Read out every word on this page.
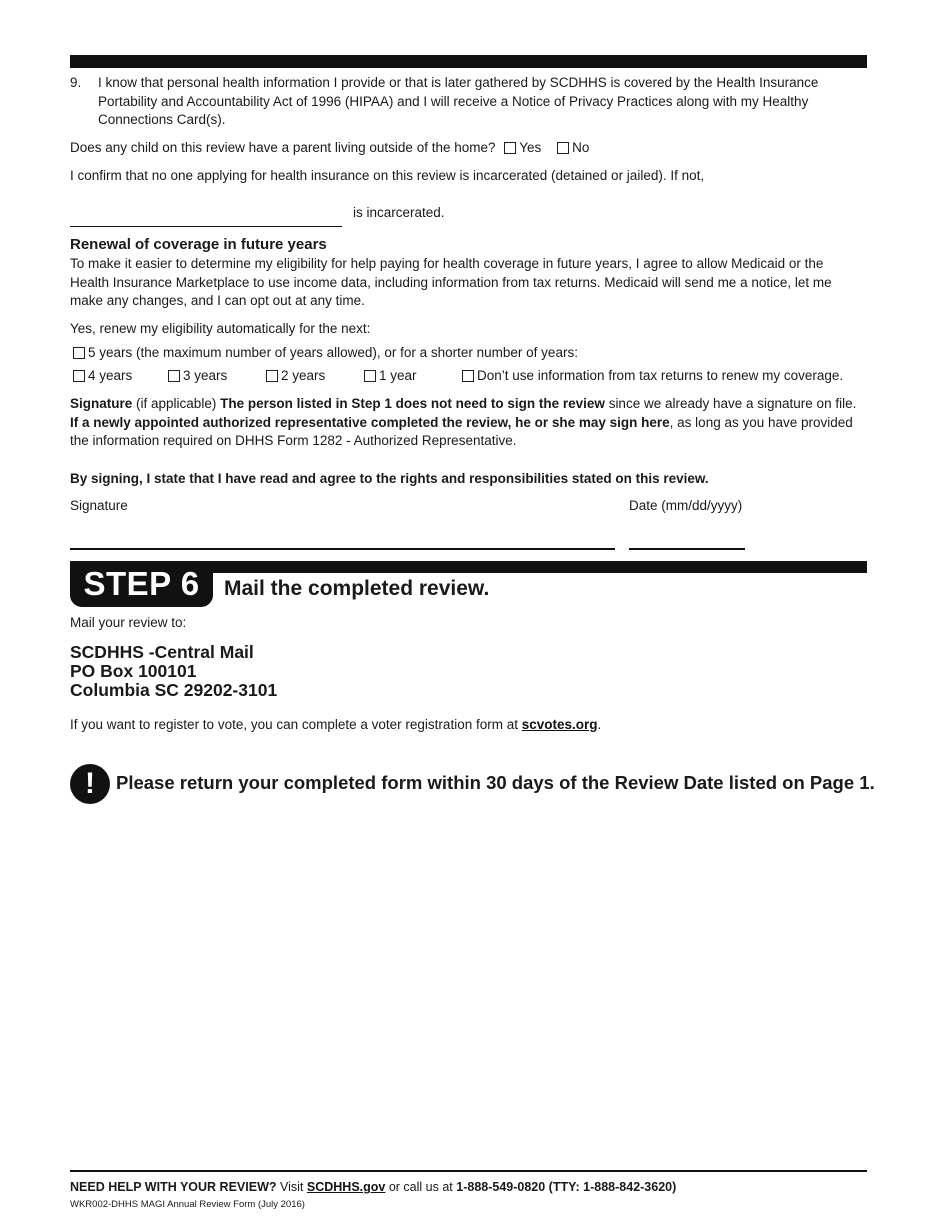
9. I know that personal health information I provide or that is later gathered by SCDHHS is covered by the Health Insurance Portability and Accountability Act of 1996 (HIPAA) and I will receive a Notice of Privacy Practices along with my Healthy Connections Card(s).
Does any child on this review have a parent living outside of the home? Yes No
I confirm that no one applying for health insurance on this review is incarcerated (detained or jailed). If not,
is incarcerated.
Renewal of coverage in future years
To make it easier to determine my eligibility for help paying for health coverage in future years, I agree to allow Medicaid or the Health Insurance Marketplace to use income data, including information from tax returns. Medicaid will send me a notice, let me make any changes, and I can opt out at any time.
Yes, renew my eligibility automatically for the next:
5 years (the maximum number of years allowed), or for a shorter number of years:
4 years	3 years	2 years	1 year	Don’t use information from tax returns to renew my coverage.
Signature (if applicable) The person listed in Step 1 does not need to sign the review since we already have a signature on file. If a newly appointed authorized representative completed the review, he or she may sign here, as long as you have provided the information required on DHHS Form 1282 - Authorized Representative.
By signing, I state that I have read and agree to the rights and responsibilities stated on this review.
Signature	Date (mm/dd/yyyy)
STEP 6	Mail the completed review.
Mail your review to:
SCDHHS -Central Mail
PO Box 100101
Columbia SC 29202-3101
If you want to register to vote, you can complete a voter registration form at scvotes.org.
!	Please return your completed form within 30 days of the Review Date listed on Page 1.
NEED HELP WITH YOUR REVIEW? Visit SCDHHS.gov or call us at 1-888-549-0820 (TTY: 1-888-842-3620)
WKR002-DHHS MAGI Annual Review Form (July 2016)
